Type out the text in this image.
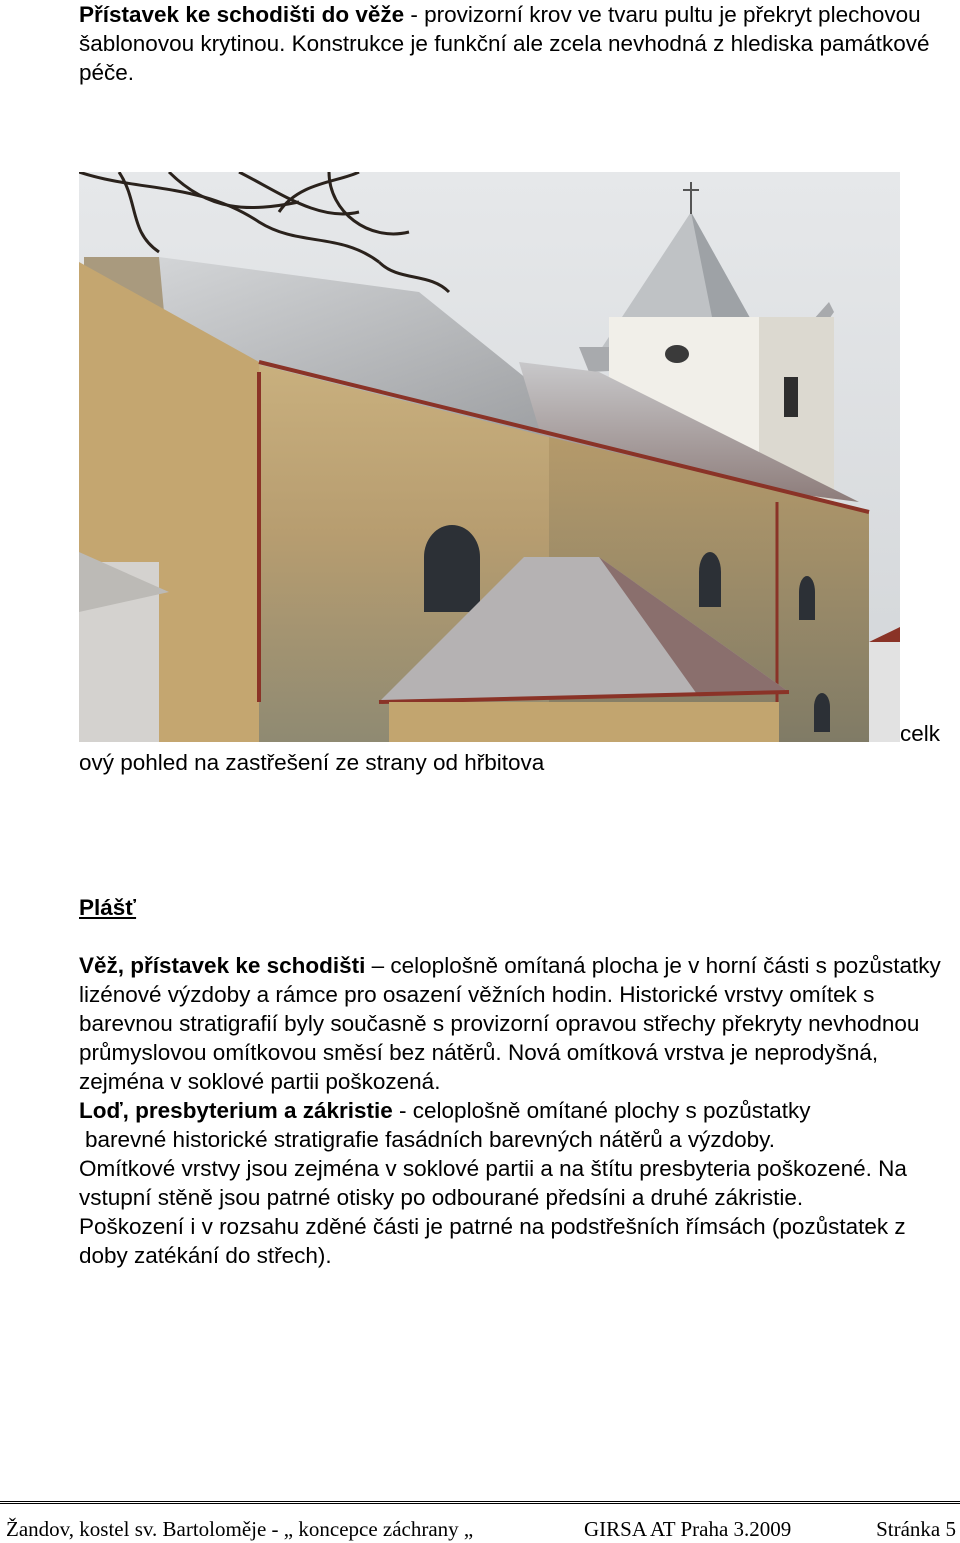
Přístavek ke schodišti do věže - provizorní krov ve tvaru pultu je překryt plechovou šablonovou krytinou. Konstrukce je funkční ale zcela nevhodná z hlediska památkové péče.

celk
ový pohled na zastřešení ze strany od hřbitova
Plášť
Věž, přístavek ke schodišti – celoplošně omítaná plocha je v horní části s pozůstatky lizénové výzdoby a rámce pro osazení věžních hodin. Historické vrstvy omítek s barevnou stratigrafií byly současně s provizorní opravou střechy překryty nevhodnou průmyslovou omítkovou směsí bez nátěrů. Nová omítková vrstva je neprodyšná, zejména v soklové partii poškozená.
Loď, presbyterium a zákristie - celoplošně omítané plochy s pozůstatky
barevné historické stratigrafie fasádních barevných nátěrů a výzdoby.
Omítkové vrstvy jsou zejména v soklové partii a na štítu presbyteria poškozené. Na vstupní stěně jsou patrné otisky po odbourané předsíni a druhé zákristie.
Poškození i v rozsahu zděné části je patrné na podstřešních římsách (pozůstatek z doby zatékání do střech).
Žandov, kostel sv. Bartoloměje - „ koncepce záchrany „	GIRSA AT Praha 3.2009	Stránka 5
